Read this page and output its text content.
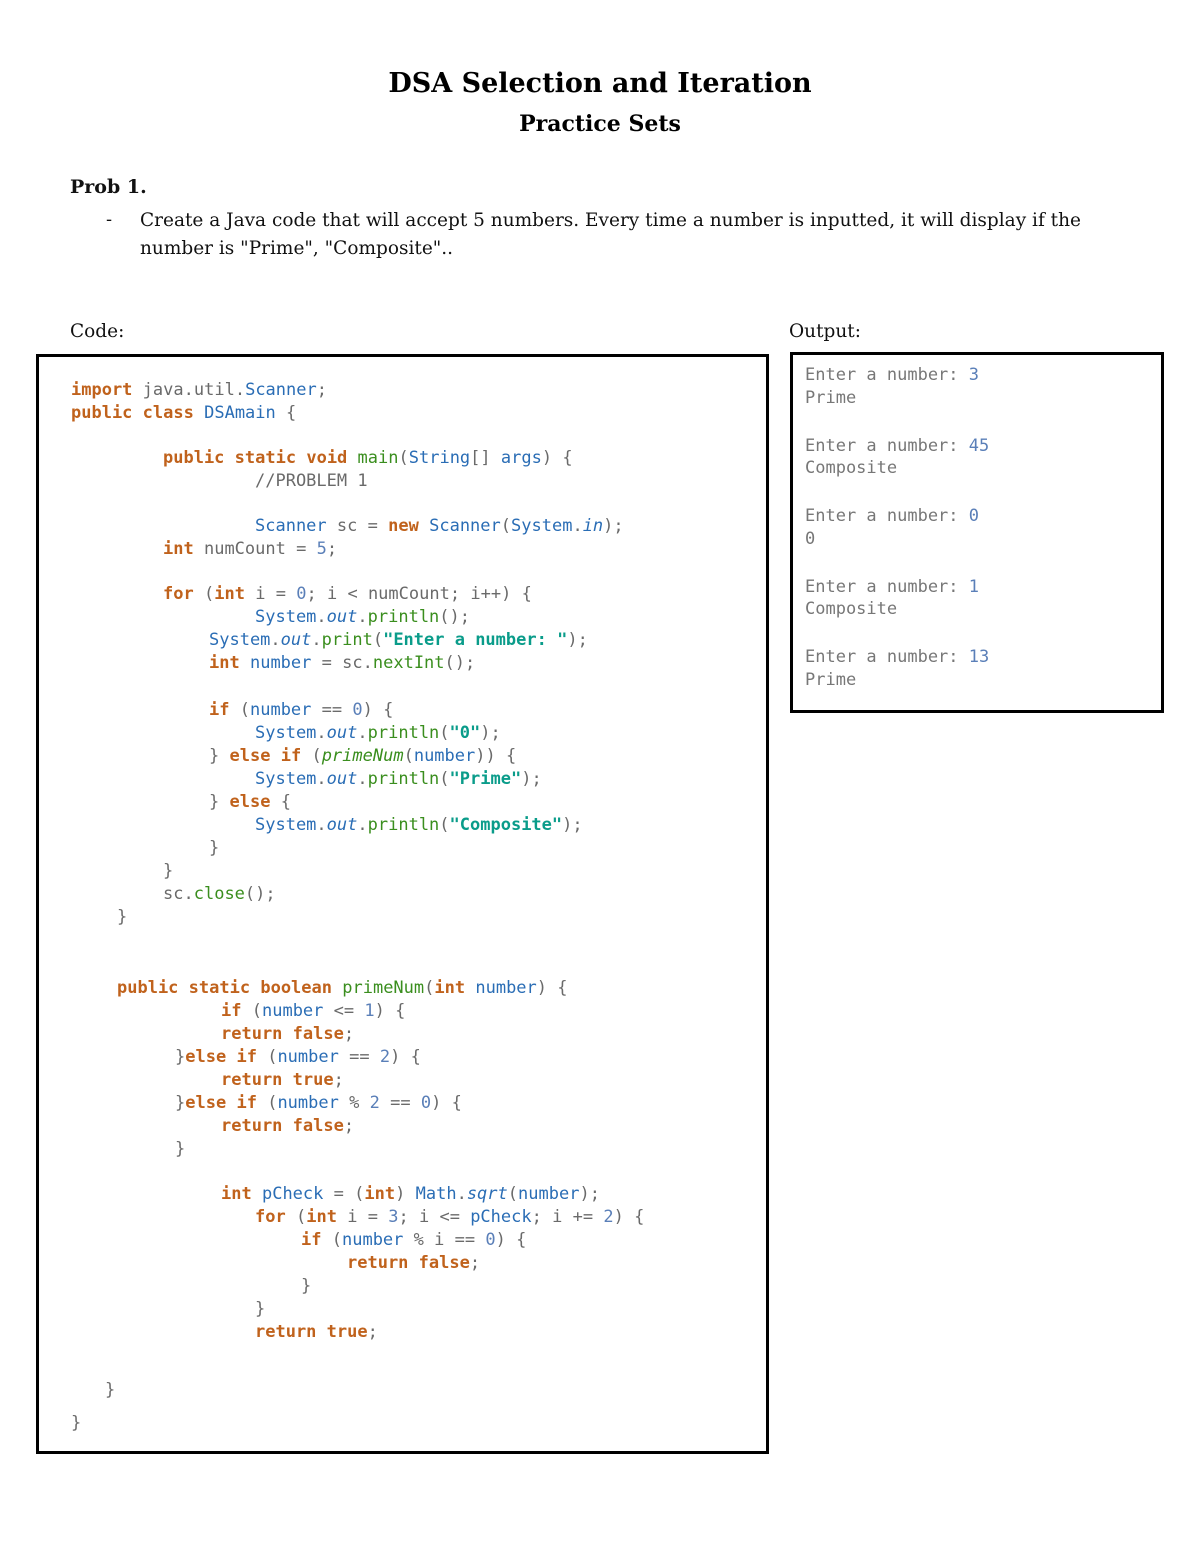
DSA Selection and Iteration
Practice Sets
Prob 1.
- Create a Java code that will accept 5 numbers. Every time a number is inputted, it will display if the number is "Prime", "Composite"..
Code:	Output:

import java.util.Scanner;

public class DSAmain {

public static void main(String[] args) {

//PROBLEM 1

Scanner sc = new Scanner(System.in);

int numCount = 5;

for (int i = 0; i < numCount; i++) {

System.out.println();

System.out.print("Enter a number: ");

int number = sc.nextInt();

if (number == 0) {

System.out.println("0");

} else if (primeNum(number)) {

System.out.println("Prime");

} else {

System.out.println("Composite");

}

}

sc.close();

}

public static boolean primeNum(int number) {

if (number <= 1) {

return false;

}else if (number == 2) {

return true;

}else if (number % 2 == 0) {

return false;

}

int pCheck = (int) Math.sqrt(number);

for (int i = 3; i <= pCheck; i += 2) {

if (number % i == 0) {

return false;

}

}

return true;

}

}

Enter a number: 3
Prime
Enter a number: 45
Composite
Enter a number: 0
0
Enter a number: 1
Composite
Enter a number: 13
Prime
